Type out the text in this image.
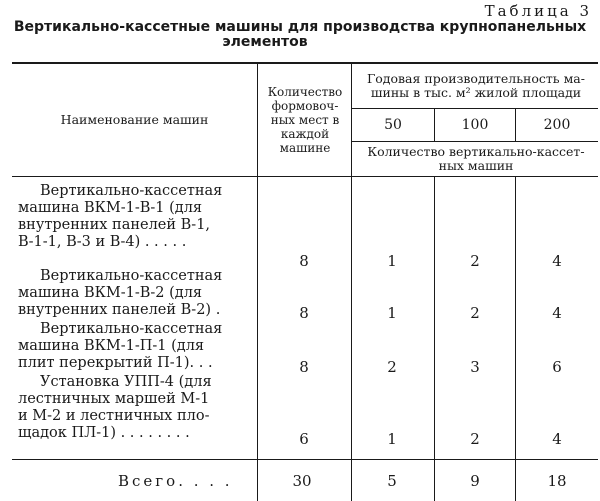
Таблица 3
Вертикально-кассетные машины для производства крупнопанельных
элементов
Наименование машин
Количество формовоч-ных мест в каждой машине
Годовая производительность ма-шины в тыс. м² жилой площади
50	100	200
Количество вертикально-кассет-ных машин
Вертикально-кассетная
машина ВКМ-1-В-1 (для
внутренних панелей В-1,
В-1-1, В-3 и В-4) . . . . .
8	1	2	4
Вертикально-кассетная
машина ВКМ-1-В-2 (для
внутренних панелей В-2) .	8	1	2	4
Вертикально-кассетная
машина ВКМ-1-П-1 (для
плит перекрытий П-1). . .	8	2	3	6
Установка УПП-4 (для
лестничных маршей М-1
и М-2 и лестничных пло-
щадок ПЛ-1) . . . . . . . .	6	1	2	4
Всего. . . .	30	5	9	18
